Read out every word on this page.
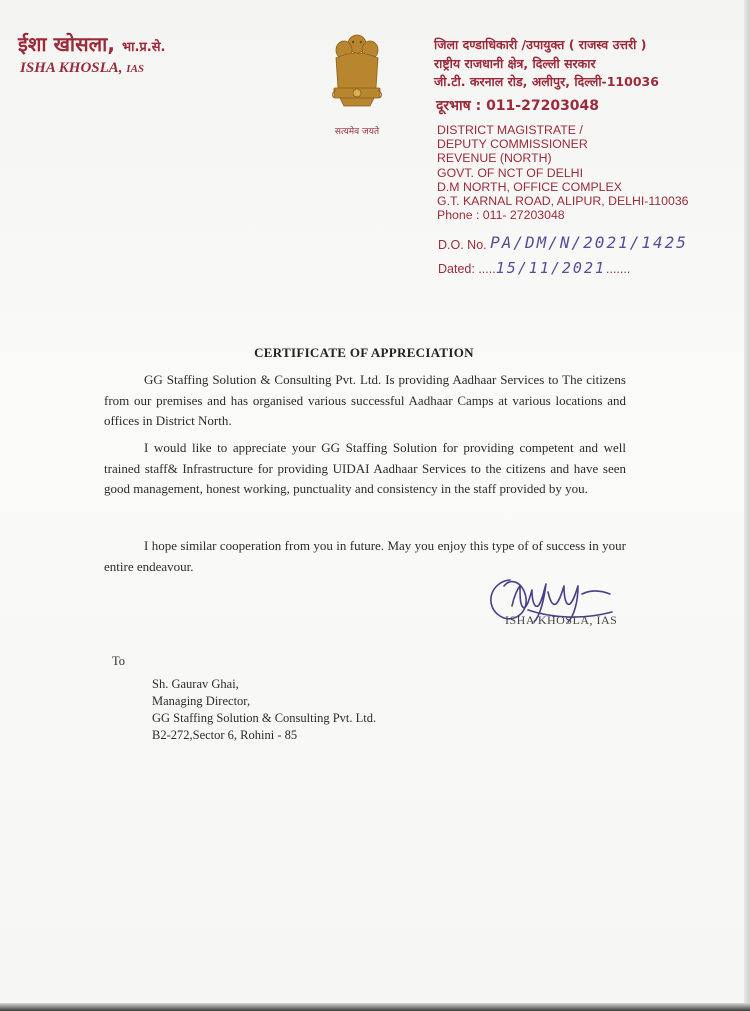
ईशा खोसला, भा.प्र.से.
ISHA KHOSLA, IAS
सत्यमेव जयते
जिला दण्डाधिकारी /उपायुक्त ( राजस्व उत्तरी )
राष्ट्रीय राजधानी क्षेत्र, दिल्ली सरकार
जी.टी. करनाल रोड, अलीपुर, दिल्ली-110036
दूरभाष : 011-27203048
DISTRICT MAGISTRATE /
DEPUTY COMMISSIONER
REVENUE (NORTH)
GOVT. OF NCT OF DELHI
D.M NORTH, OFFICE COMPLEX
G.T. KARNAL ROAD, ALIPUR, DELHI-110036
Phone : 011- 27203048
D.O. No. PA/DM/N/2021/1425
Dated: .....15/11/2021.......
CERTIFICATE OF APPRECIATION
GG Staffing Solution & Consulting Pvt. Ltd. Is providing Aadhaar Services to The citizens from our premises and has organised various successful Aadhaar Camps at various locations and offices in District North.
I would like to appreciate your GG Staffing Solution for providing competent and well trained staff& Infrastructure for providing UIDAI Aadhaar Services to the citizens and have seen good management, honest working, punctuality and consistency in the staff provided by you.
I hope similar cooperation from you in future. May you enjoy this type of of success in your entire endeavour.
ISHA KHOSLA, IAS
To
Sh. Gaurav Ghai,
Managing Director,
GG Staffing Solution & Consulting Pvt. Ltd.
B2-272,Sector 6, Rohini - 85
